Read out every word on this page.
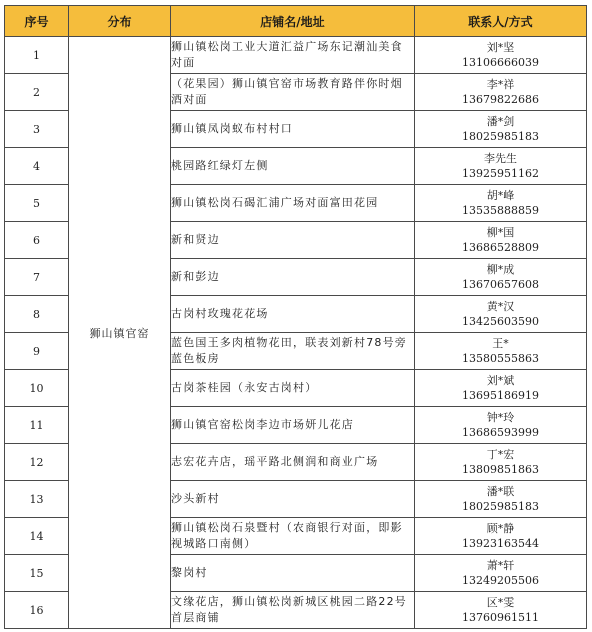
序号	分布	店铺名/地址	联系人/方式
1	狮山镇官窑	狮山镇松岗工业大道汇益广场东记潮汕美食对面	刘*坚
13106666039

2		（花果园）狮山镇官窑市场教育路伴你时烟酒对面	李*祥
13679822686

3		狮山镇凤岗蚁布村村口	潘*剑
18025985183

4		桃园路红绿灯左侧	李先生
13925951162

5		狮山镇松岗石碣汇浦广场对面富田花园	胡*峰
13535888859

6		新和贤边	柳*国
13686528809

7		新和彭边	柳*成
13670657608

8		古岗村玫瑰花花场	黄*汉
13425603590

9		蓝色国王多肉植物花田，联表刘新村78号旁蓝色板房	王*
13580555863

10		古岗茶桂园（永安古岗村）	刘*斌
13695186919

11		狮山镇官窑松岗李边市场妍儿花店	钟*玲
13686593999

12		志宏花卉店，瑶平路北侧润和商业广场	丁*宏
13809851863

13		沙头新村	潘*联
18025985183

14		狮山镇松岗石泉暨村（农商银行对面，即影视城路口南侧）	顾*静
13923163544

15		黎岗村	萧*轩
13249205506

16		文缘花店，狮山镇松岗新城区桃园二路22号首层商铺	区*雯
13760961511
